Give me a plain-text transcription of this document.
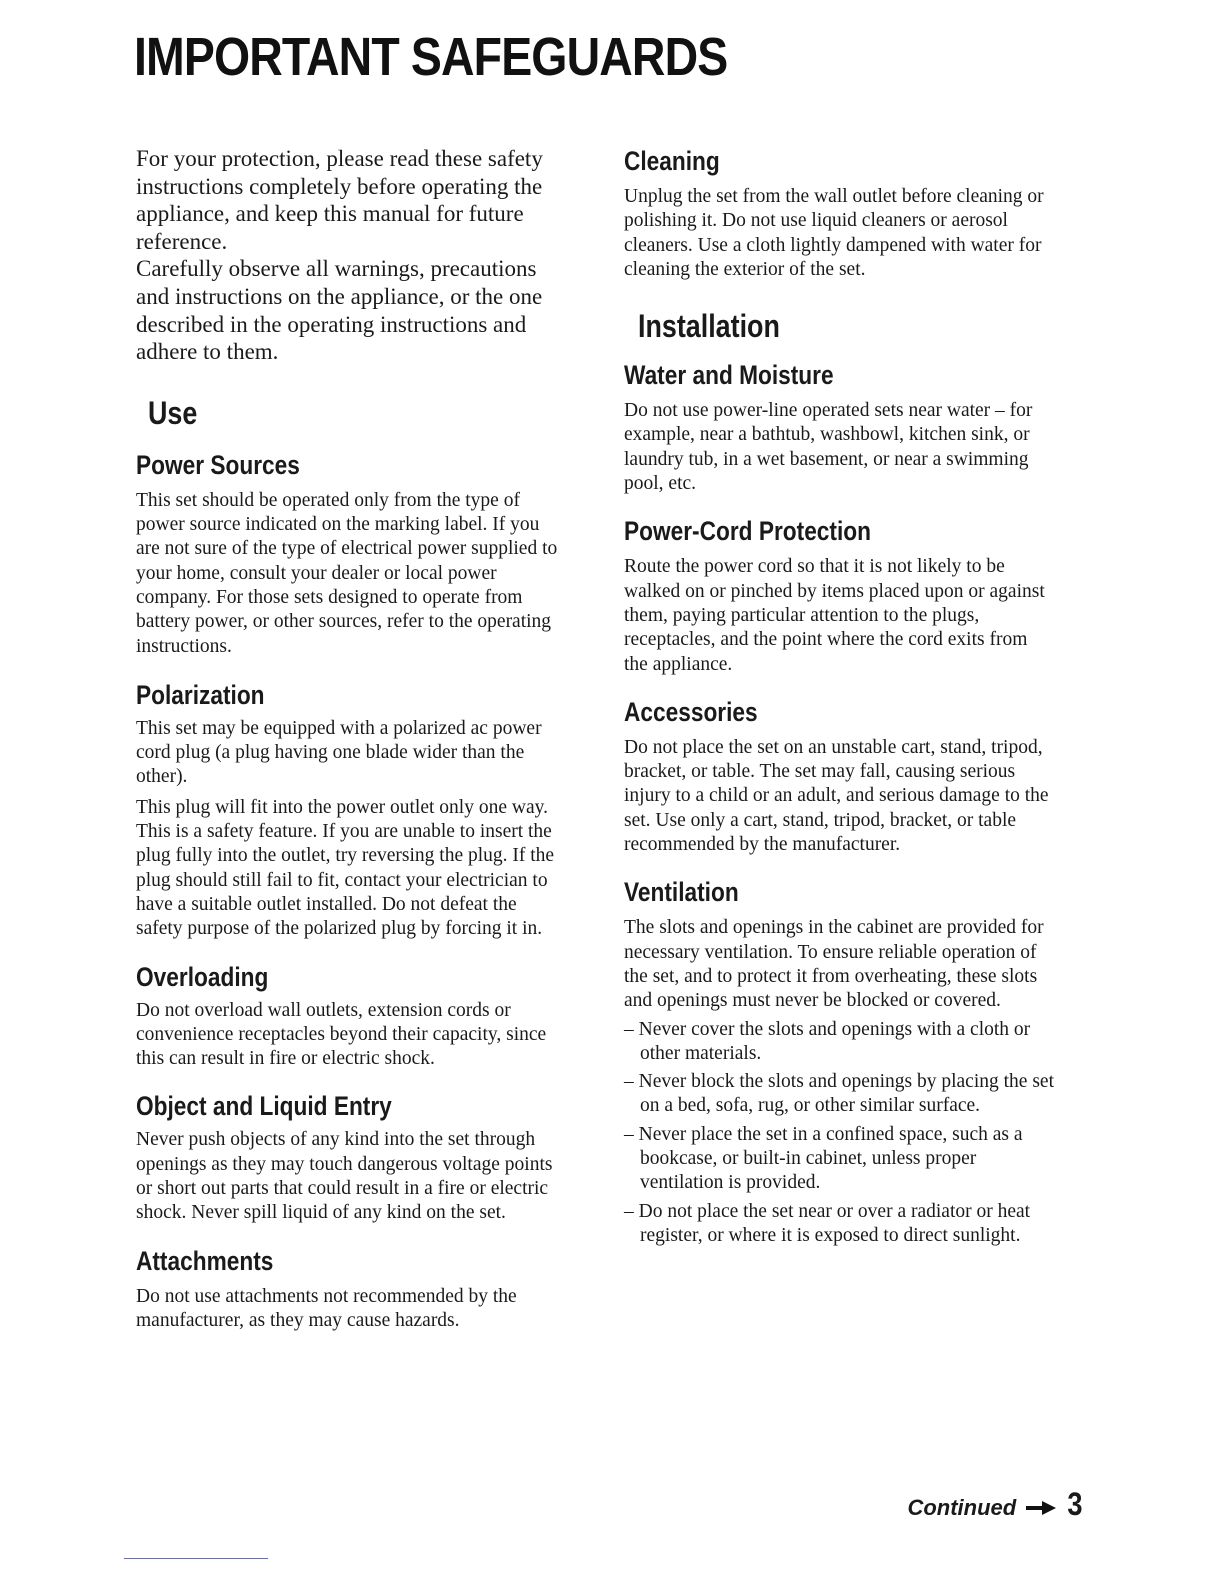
IMPORTANT SAFEGUARDS

For your protection, please read these safety instructions completely before operating the appliance, and keep this manual for future reference.

Carefully observe all warnings, precautions and instructions on the appliance, or the one described in the operating instructions and adhere to them.

Use
Power Sources

This set should be operated only from the type of power source indicated on the marking label. If you are not sure of the type of electrical power supplied to your home, consult your dealer or local power company. For those sets designed to operate from battery power, or other sources, refer to the operating instructions.

Polarization

This set may be equipped with a polarized ac power cord plug (a plug having one blade wider than the other).

This plug will fit into the power outlet only one way. This is a safety feature. If you are unable to insert the plug fully into the outlet, try reversing the plug. If the plug should still fail to fit, contact your electrician to have a suitable outlet installed. Do not defeat the safety purpose of the polarized plug by forcing it in.

Overloading

Do not overload wall outlets, extension cords or convenience receptacles beyond their capacity, since this can result in fire or electric shock.

Object and Liquid Entry

Never push objects of any kind into the set through openings as they may touch dangerous voltage points or short out parts that could result in a fire or electric shock. Never spill liquid of any kind on the set.

Attachments

Do not use attachments not recommended by the manufacturer, as they may cause hazards.

Cleaning

Unplug the set from the wall outlet before cleaning or polishing it. Do not use liquid cleaners or aerosol cleaners. Use a cloth lightly dampened with water for cleaning the exterior of the set.

Installation
Water and Moisture

Do not use power-line operated sets near water – for example, near a bathtub, washbowl, kitchen sink, or laundry tub, in a wet basement, or near a swimming pool, etc.

Power-Cord Protection

Route the power cord so that it is not likely to be walked on or pinched by items placed upon or against them, paying particular attention to the plugs, receptacles, and the point where the cord exits from the appliance.

Accessories

Do not place the set on an unstable cart, stand, tripod, bracket, or table. The set may fall, causing serious injury to a child or an adult, and serious damage to the set. Use only a cart, stand, tripod, bracket, or table recommended by the manufacturer.

Ventilation

The slots and openings in the cabinet are provided for necessary ventilation. To ensure reliable operation of the set, and to protect it from overheating, these slots and openings must never be blocked or covered.

– Never cover the slots and openings with a cloth or other materials.
– Never block the slots and openings by placing the set on a bed, sofa, rug, or other similar surface.
– Never place the set in a confined space, such as a bookcase, or built-in cabinet, unless proper ventilation is provided.
– Do not place the set near or over a radiator or heat register, or where it is exposed to direct sunlight.
Continued 3
